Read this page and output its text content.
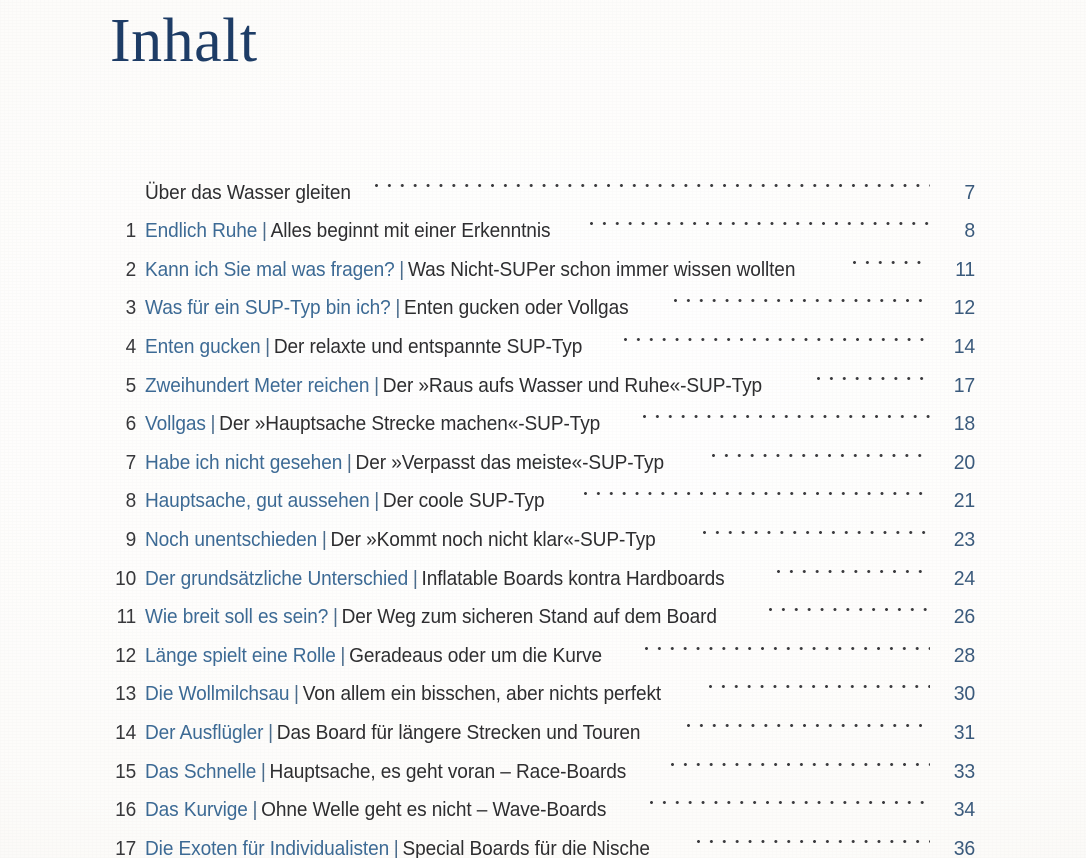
Inhalt
Über das Wasser gleiten	7
1 Endlich Ruhe | Alles beginnt mit einer Erkenntnis	8
2 Kann ich Sie mal was fragen? | Was Nicht-SUPer schon immer wissen wollten	11
3 Was für ein SUP-Typ bin ich? | Enten gucken oder Vollgas	12
4 Enten gucken | Der relaxte und entspannte SUP-Typ	14
5 Zweihundert Meter reichen | Der »Raus aufs Wasser und Ruhe«-SUP-Typ	17
6 Vollgas | Der »Hauptsache Strecke machen«-SUP-Typ	18
7 Habe ich nicht gesehen | Der »Verpasst das meiste«-SUP-Typ	20
8 Hauptsache, gut aussehen | Der coole SUP-Typ	21
9 Noch unentschieden | Der »Kommt noch nicht klar«-SUP-Typ	23
10 Der grundsätzliche Unterschied | Inflatable Boards kontra Hardboards	24
11 Wie breit soll es sein? | Der Weg zum sicheren Stand auf dem Board	26
12 Länge spielt eine Rolle | Geradeaus oder um die Kurve	28
13 Die Wollmilchsau | Von allem ein bisschen, aber nichts perfekt	30
14 Der Ausflügler | Das Board für längere Strecken und Touren	31
15 Das Schnelle | Hauptsache, es geht voran – Race-Boards	33
16 Das Kurvige | Ohne Welle geht es nicht – Wave-Boards	34
17 Die Exoten für Individualisten | Special Boards für die Nische	36
